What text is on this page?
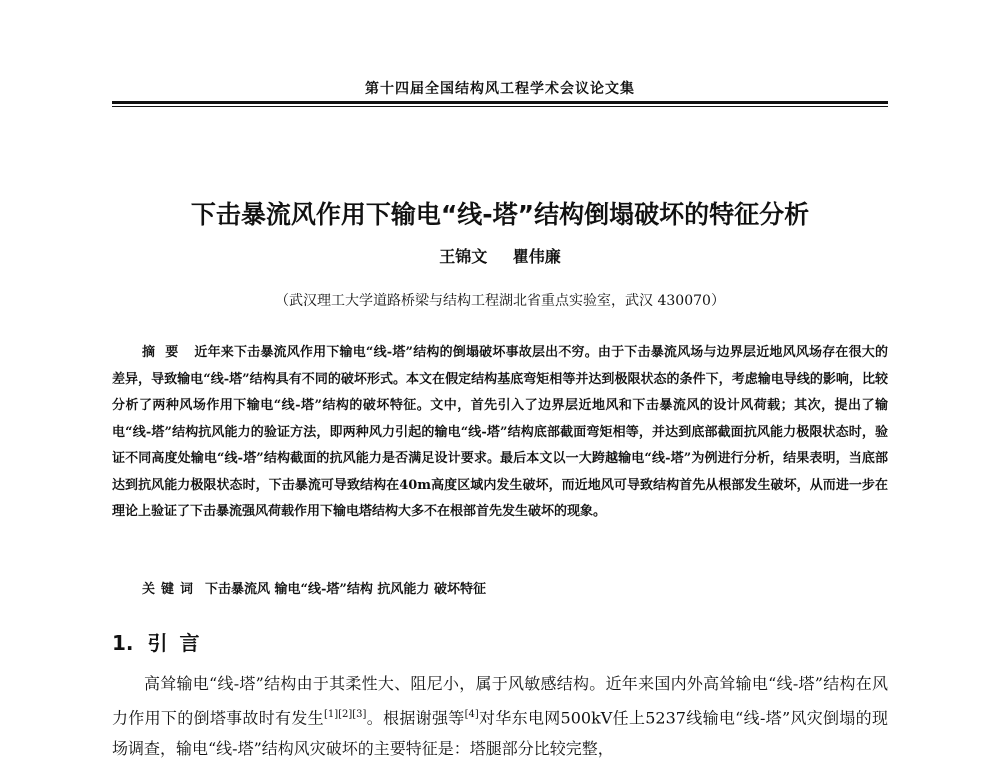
第十四届全国结构风工程学术会议论文集
下击暴流风作用下输电“线-塔”结构倒塌破坏的特征分析
王锦文 瞿伟廉
（武汉理工大学道路桥梁与结构工程湖北省重点实验室，武汉 430070）
摘要 近年来下击暴流风作用下输电“线-塔”结构的倒塌破坏事故层出不穷。由于下击暴流风场与边界层近地风风场存在很大的差异，导致输电“线-塔”结构具有不同的破坏形式。本文在假定结构基底弯矩相等并达到极限状态的条件下，考虑输电导线的影响，比较分析了两种风场作用下输电“线-塔”结构的破坏特征。文中，首先引入了边界层近地风和下击暴流风的设计风荷载；其次，提出了输电“线-塔”结构抗风能力的验证方法，即两种风力引起的输电“线-塔”结构底部截面弯矩相等，并达到底部截面抗风能力极限状态时，验证不同高度处输电“线-塔”结构截面的抗风能力是否满足设计要求。最后本文以一大跨越输电“线-塔”为例进行分析，结果表明，当底部达到抗风能力极限状态时，下击暴流可导致结构在40m高度区域内发生破坏，而近地风可导致结构首先从根部发生破坏，从而进一步在理论上验证了下击暴流强风荷载作用下输电塔结构大多不在根部首先发生破坏的现象。
关键词 下击暴流风 输电“线-塔”结构 抗风能力 破坏特征
1. 引言
高耸输电“线-塔”结构由于其柔性大、阻尼小，属于风敏感结构。近年来国内外高耸输电“线-塔”结构在风力作用下的倒塔事故时有发生[1][2][3]。根据谢强等[4]对华东电网500kV任上5237线输电“线-塔”风灾倒塌的现场调查，输电“线-塔”结构风灾破坏的主要特征是：塔腿部分比较完整，
